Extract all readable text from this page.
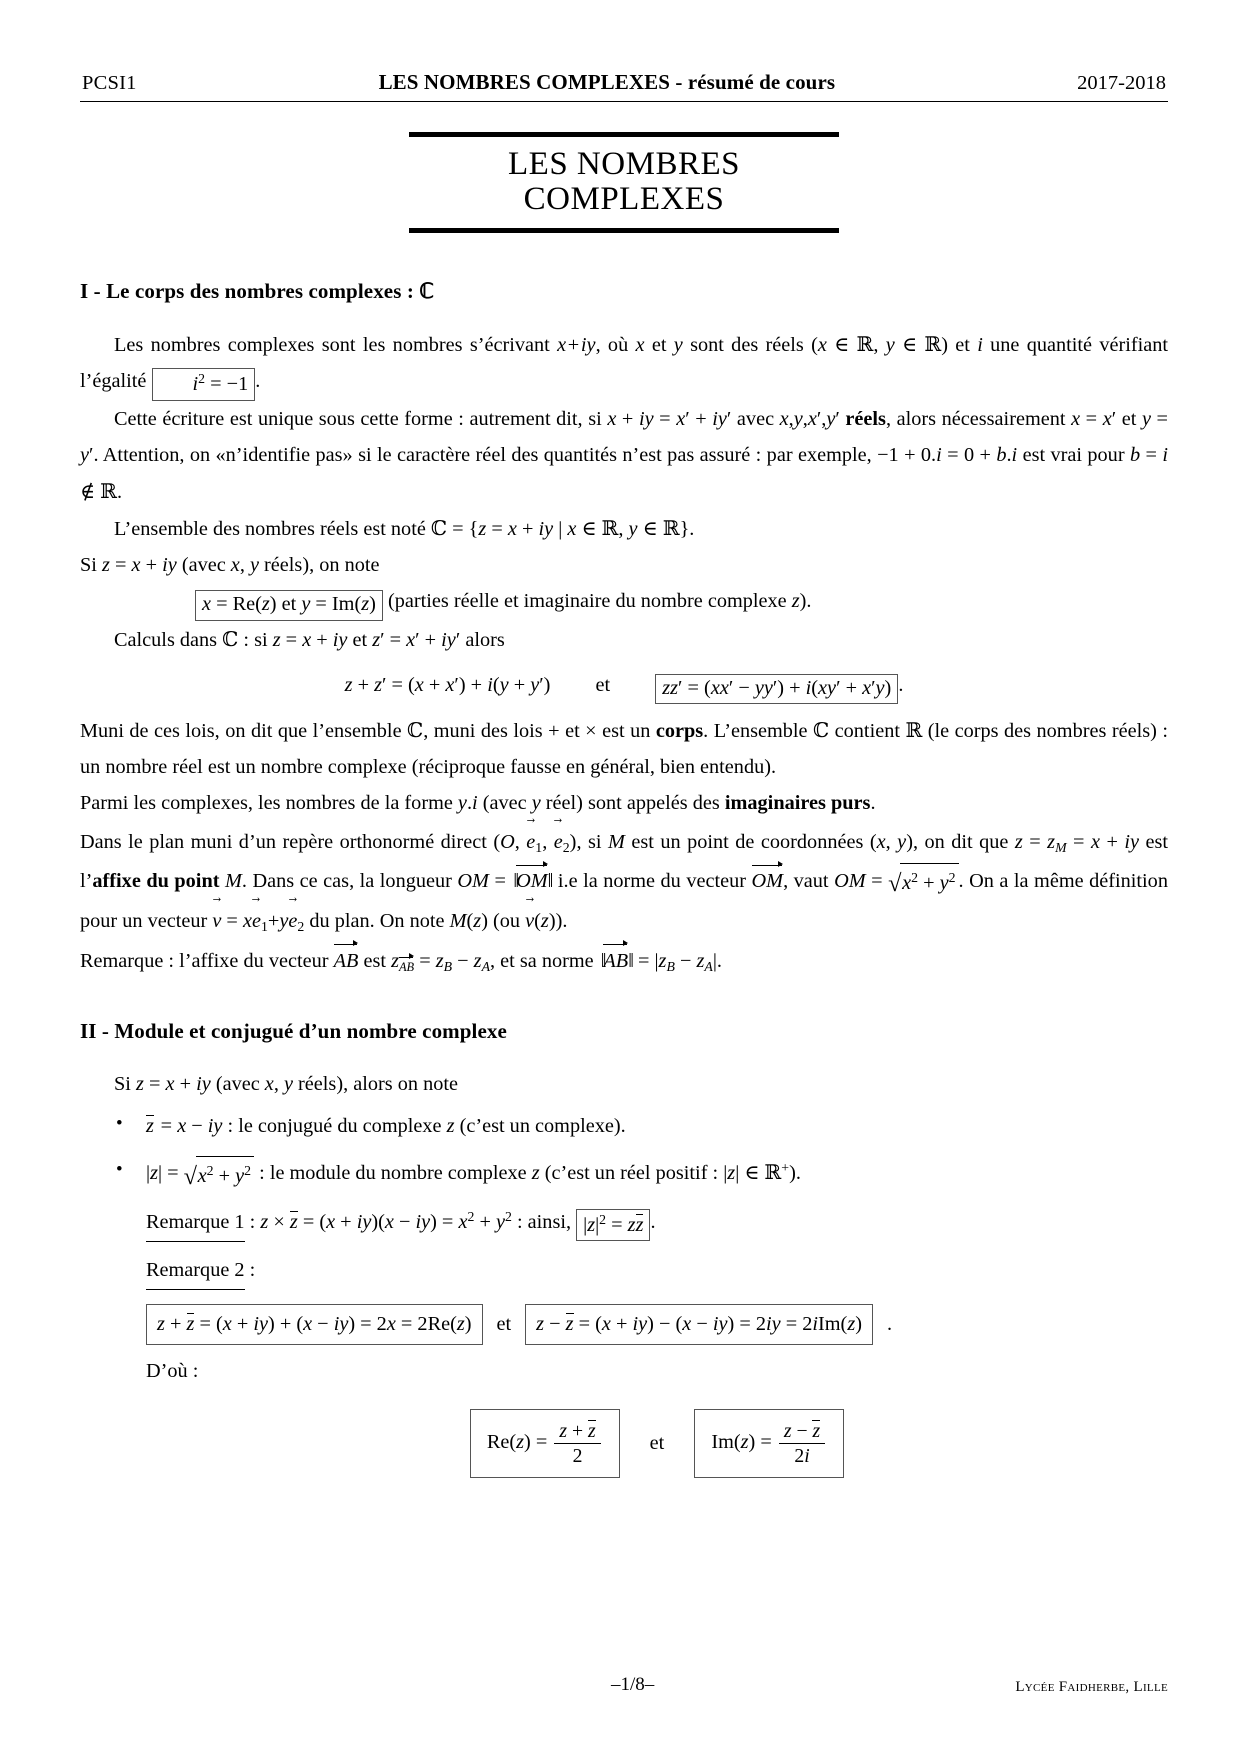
PCSI1	LES NOMBRES COMPLEXES - résumé de cours	2017-2018
LES NOMBRES COMPLEXES
I - Le corps des nombres complexes : ℂ

Les nombres complexes sont les nombres s’écrivant x + iy, où x et y sont des réels (x ∈ ℝ, y ∈ ℝ) et i une quantité vérifiant l’égalité $i^2 = -1$ .

Cette écriture est unique sous cette forme : autrement dit, si x + iy = x′ + iy′ avec x,y,x′,y′ réels, alors nécessairement x = x′ et y = y′. Attention, on «n’identifie pas» si le caractère réel des quantités n’est pas assuré : par exemple, −1 + 0.i = 0 + b.i est vrai pour b = i ∉ ℝ.

L’ensemble des nombres réels est noté ℂ = {z = x + iy | x ∈ ℝ, y ∈ ℝ}.

Si z = x + iy (avec x, y réels), on note

x = Re(z) et y = Im(z) (parties réelle et imaginaire du nombre complexe z).

Calculs dans ℂ : si z = x + iy et z′ = x′ + iy′ alors

z + z′ = (x + x′) + i(y + y′) et	zz′ = (xx′ − yy′) + i(xy′ + x′y) .

Muni de ces lois, on dit que l’ensemble ℂ, muni des lois + et × est un corps. L’ensemble ℂ contient ℝ (le corps des nombres réels) : un nombre réel est un nombre complexe (réciproque fausse en général, bien entendu).

Parmi les complexes, les nombres de la forme y.i (avec y réel) sont appelés des imaginaires purs.

Dans le plan muni d’un repère orthonormé direct (O, $e \to_1$, $e \to_2$), si M est un point de coordonnées (x, y), on dit que $z = z_M = x$ + iy est l’affixe du point M. Dans ce cas, la longueur OM = ‖OM‖ i.e la norme du vecteur OM, vaut OM = √ $x^2 + y^2$ . On a la même définition pour un vecteur v → = xe $\to_1+ye \to_2$ du plan. On note M(z) (ou v →(z)).

Remarque : l’affixe du vecteur AB est $z_{AB} = z_B - z_A$, et sa norme ‖AB‖ = $|z_B - z_A|$.

II - Module et conjugué d’un nombre complexe

Si z = x + iy (avec x, y réels), alors on note

• z  = x − iy : le conjugué du complexe z (c’est un complexe).
• |z| = √ $x^2 + y^2$ : le module du nombre complexe z (c’est un réel positif : |z| ∈ ℝ+).
Remarque 1 : $z \times z = (x + iy)(x - iy) = x^2 + y^2$ : ainsi, $|z|^2$ = zz .
Remarque 2 :
z + z = (x + iy) + (x − iy) = 2x = 2Re(z)	et	z − z = (x + iy) − (x − iy) = 2iy = 2iIm(z)	.
D’où :
$Re(z) = \frac{z + z}{2}$ et	$Im(z) = \frac{z - z}{2i}$
–1/8–	Lycée Faidherbe, Lille
